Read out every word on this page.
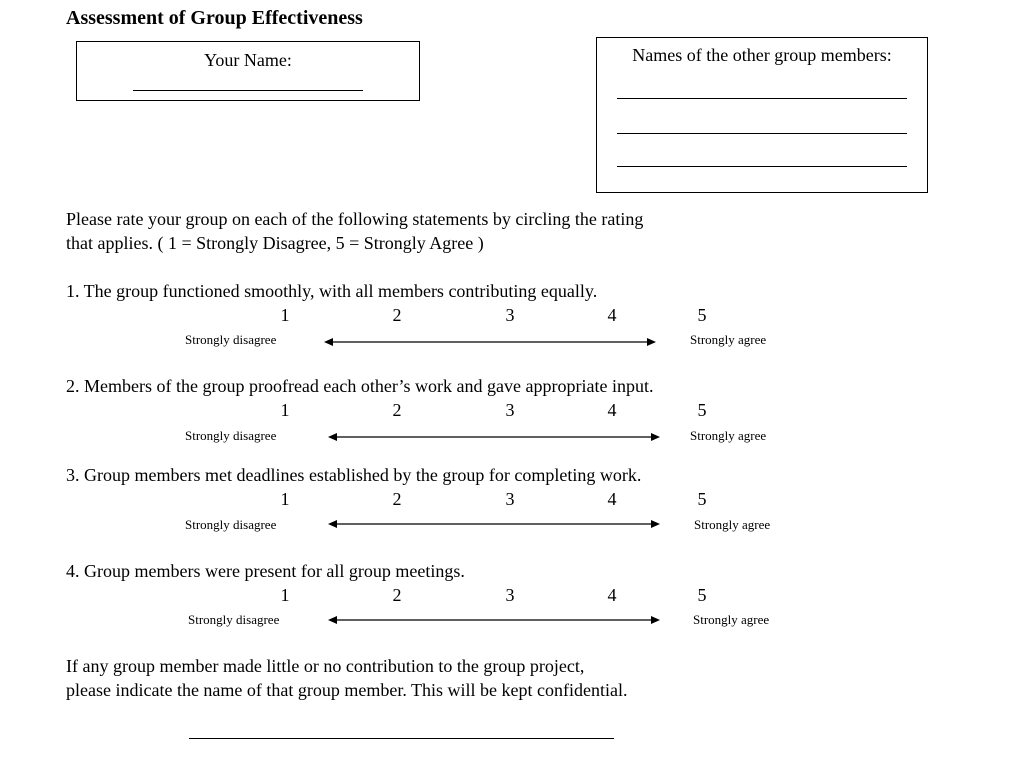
Assessment of Group Effectiveness
Your Name:	Names of the other group members:
Please rate your group on each of the following statements by circling the rating
that applies. ( 1 = Strongly Disagree, 5 = Strongly Agree )
1. The group functioned smoothly, with all members contributing equally.
1	2	3	4	5
Strongly disagree	Strongly agree
2. Members of the group proofread each other’s work and gave appropriate input.
1	2	3	4	5
Strongly disagree	Strongly agree
3. Group members met deadlines established by the group for completing work.
1	2	3	4	5
Strongly disagree	Strongly agree
4. Group members were present for all group meetings.
1	2	3	4	5
Strongly disagree	Strongly agree
If any group member made little or no contribution to the group project,
please indicate the name of that group member. This will be kept confidential.
